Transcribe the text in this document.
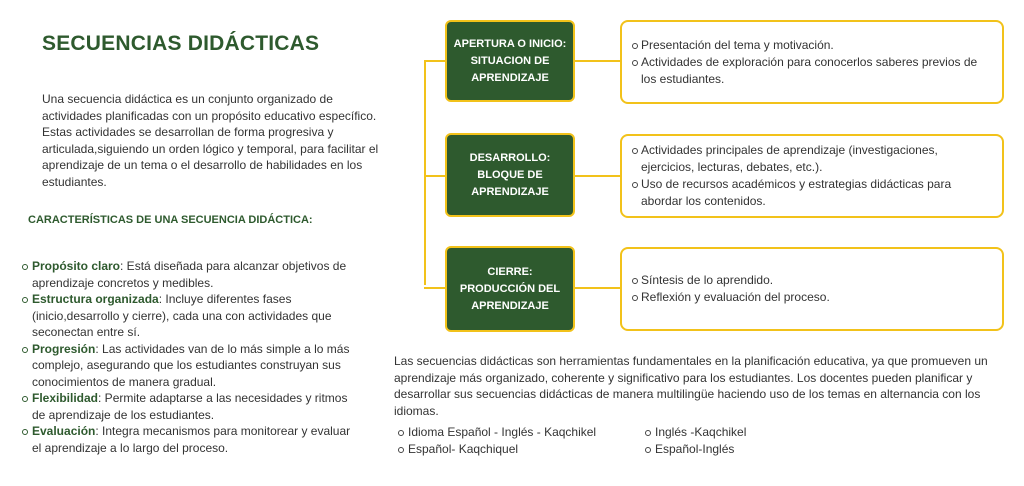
SECUENCIAS DIDÁCTICAS

Una secuencia didáctica es un conjunto organizado de actividades planificadas con un propósito educativo específico. Estas actividades se desarrollan de forma progresiva y articulada,siguiendo un orden lógico y temporal, para facilitar el aprendizaje de un tema o el desarrollo de habilidades en los estudiantes.

CARACTERÍSTICAS DE UNA SECUENCIA DIDÁCTICA:
Propósito claro: Está diseñada para alcanzar objetivos de aprendizaje concretos y medibles.
Estructura organizada: Incluye diferentes fases (inicio,desarrollo y cierre), cada una con actividades que seconectan entre sí.
Progresión: Las actividades van de lo más simple a lo más complejo, asegurando que los estudiantes construyan sus conocimientos de manera gradual.
Flexibilidad: Permite adaptarse a las necesidades y ritmos de aprendizaje de los estudiantes.
Evaluación: Integra mecanismos para monitorear y evaluar el aprendizaje a lo largo del proceso.
APERTURA O INICIO: SITUACION DE APRENDIZAJE
DESARROLLO: BLOQUE DE APRENDIZAJE
CIERRE: PRODUCCIÓN DEL APRENDIZAJE
Presentación del tema y motivación.
Actividades de exploración para conocerlos saberes previos de los estudiantes.
Actividades principales de aprendizaje (investigaciones, ejercicios, lecturas, debates, etc.).
Uso de recursos académicos y estrategias didácticas para abordar los contenidos.
Síntesis de lo aprendido.
Reflexión y evaluación del proceso.

Las secuencias didácticas son herramientas fundamentales en la planificación educativa, ya que promueven un aprendizaje más organizado, coherente y significativo para los estudiantes. Los docentes pueden planificar y desarrollar sus secuencias didácticas de manera multilingüe haciendo uso de los temas en alternancia con los idiomas.

Idioma Español - Inglés - Kaqchikel
Español- Kaqchiquel
Inglés -Kaqchikel
Español-Inglés
